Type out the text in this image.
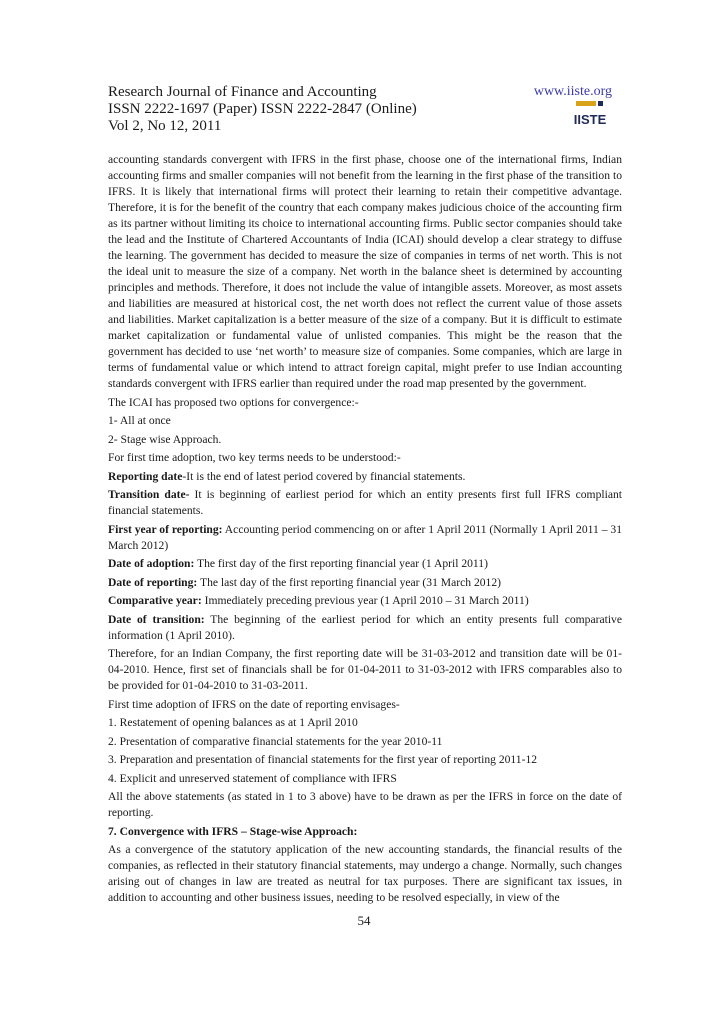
Research Journal of Finance and Accounting	www.iiste.org
ISSN 2222-1697 (Paper) ISSN 2222-2847 (Online)
Vol 2, No 12, 2011	IISTE

accounting standards convergent with IFRS in the first phase, choose one of the international firms, Indian accounting firms and smaller companies will not benefit from the learning in the first phase of the transition to IFRS. It is likely that international firms will protect their learning to retain their competitive advantage. Therefore, it is for the benefit of the country that each company makes judicious choice of the accounting firm as its partner without limiting its choice to international accounting firms. Public sector companies should take the lead and the Institute of Chartered Accountants of India (ICAI) should develop a clear strategy to diffuse the learning. The government has decided to measure the size of companies in terms of net worth. This is not the ideal unit to measure the size of a company. Net worth in the balance sheet is determined by accounting principles and methods. Therefore, it does not include the value of intangible assets. Moreover, as most assets and liabilities are measured at historical cost, the net worth does not reflect the current value of those assets and liabilities. Market capitalization is a better measure of the size of a company. But it is difficult to estimate market capitalization or fundamental value of unlisted companies. This might be the reason that the government has decided to use ‘net worth’ to measure size of companies. Some companies, which are large in terms of fundamental value or which intend to attract foreign capital, might prefer to use Indian accounting standards convergent with IFRS earlier than required under the road map presented by the government.

The ICAI has proposed two options for convergence:-

1- All at once

2- Stage wise Approach.

For first time adoption, two key terms needs to be understood:-

Reporting date-It is the end of latest period covered by financial statements.

Transition date- It is beginning of earliest period for which an entity presents first full IFRS compliant financial statements.

First year of reporting: Accounting period commencing on or after 1 April 2011 (Normally 1 April 2011 – 31 March 2012)

Date of adoption: The first day of the first reporting financial year (1 April 2011)

Date of reporting: The last day of the first reporting financial year (31 March 2012)

Comparative year: Immediately preceding previous year (1 April 2010 – 31 March 2011)

Date of transition: The beginning of the earliest period for which an entity presents full comparative information (1 April 2010).

Therefore, for an Indian Company, the first reporting date will be 31-03-2012 and transition date will be 01-04-2010. Hence, first set of financials shall be for 01-04-2011 to 31-03-2012 with IFRS comparables also to be provided for 01-04-2010 to 31-03-2011.

First time adoption of IFRS on the date of reporting envisages-

1. Restatement of opening balances as at 1 April 2010

2. Presentation of comparative financial statements for the year 2010-11

3. Preparation and presentation of financial statements for the first year of reporting 2011-12

4. Explicit and unreserved statement of compliance with IFRS

All the above statements (as stated in 1 to 3 above) have to be drawn as per the IFRS in force on the date of reporting.

7. Convergence with IFRS – Stage-wise Approach:

As a convergence of the statutory application of the new accounting standards, the financial results of the companies, as reflected in their statutory financial statements, may undergo a change. Normally, such changes arising out of changes in law are treated as neutral for tax purposes. There are significant tax issues, in addition to accounting and other business issues, needing to be resolved especially, in view of the

54
